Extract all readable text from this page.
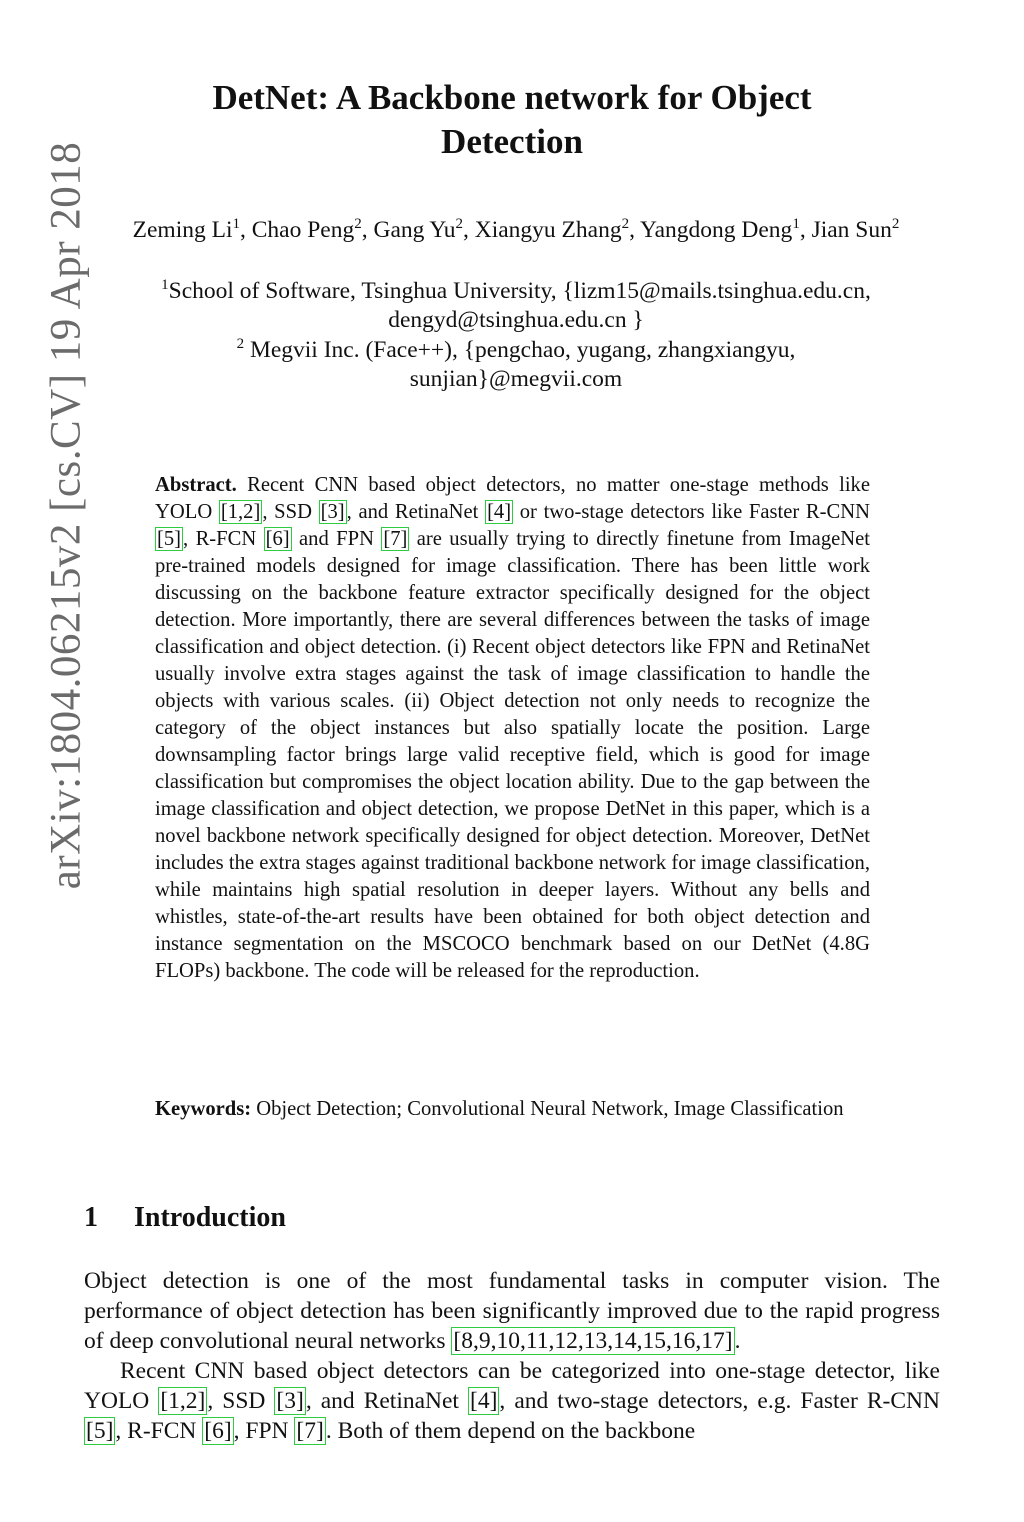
arXiv:1804.06215v2 [cs.CV] 19 Apr 2018
DetNet: A Backbone network for Object
Detection
Zeming Li$^1$, Chao Peng$^2$, Gang Yu$^2$, Xiangyu Zhang$^2$, Yangdong Deng$^1$, Jian Sun$^2$
$^1$School of Software, Tsinghua University, {lizm15@mails.tsinghua.edu.cn,
dengyd@tsinghua.edu.cn }
$^2$ Megvii Inc. (Face++), {pengchao, yugang, zhangxiangyu,
sunjian}@megvii.com
Abstract. Recent CNN based object detectors, no matter one-stage methods like YOLO [1,2], SSD [3], and RetinaNet [4] or two-stage detectors like Faster R-CNN [5], R-FCN [6] and FPN [7] are usually trying to directly finetune from ImageNet pre-trained models designed for image classification. There has been little work discussing on the backbone feature extractor specifically designed for the object detection. More importantly, there are several differences between the tasks of image classification and object detection. (i) Recent object detectors like FPN and RetinaNet usually involve extra stages against the task of image classification to handle the objects with various scales. (ii) Object detection not only needs to recognize the category of the object instances but also spatially locate the position. Large downsampling factor brings large valid receptive field, which is good for image classification but compromises the object location ability. Due to the gap between the image classification and object detection, we propose DetNet in this paper, which is a novel backbone network specifically designed for object detection. Moreover, DetNet includes the extra stages against traditional backbone network for image classification, while maintains high spatial resolution in deeper layers. Without any bells and whistles, state-of-the-art results have been obtained for both object detection and instance segmentation on the MSCOCO benchmark based on our DetNet (4.8G FLOPs) backbone. The code will be released for the reproduction.
Keywords: Object Detection; Convolutional Neural Network, Image Classification
1 Introduction

Object detection is one of the most fundamental tasks in computer vision. The performance of object detection has been significantly improved due to the rapid progress of deep convolutional neural networks [8,9,10,11,12,13,14,15,16,17].

Recent CNN based object detectors can be categorized into one-stage detector, like YOLO [1,2], SSD [3], and RetinaNet [4], and two-stage detectors, e.g. Faster R-CNN [5], R-FCN [6], FPN [7]. Both of them depend on the backbone
